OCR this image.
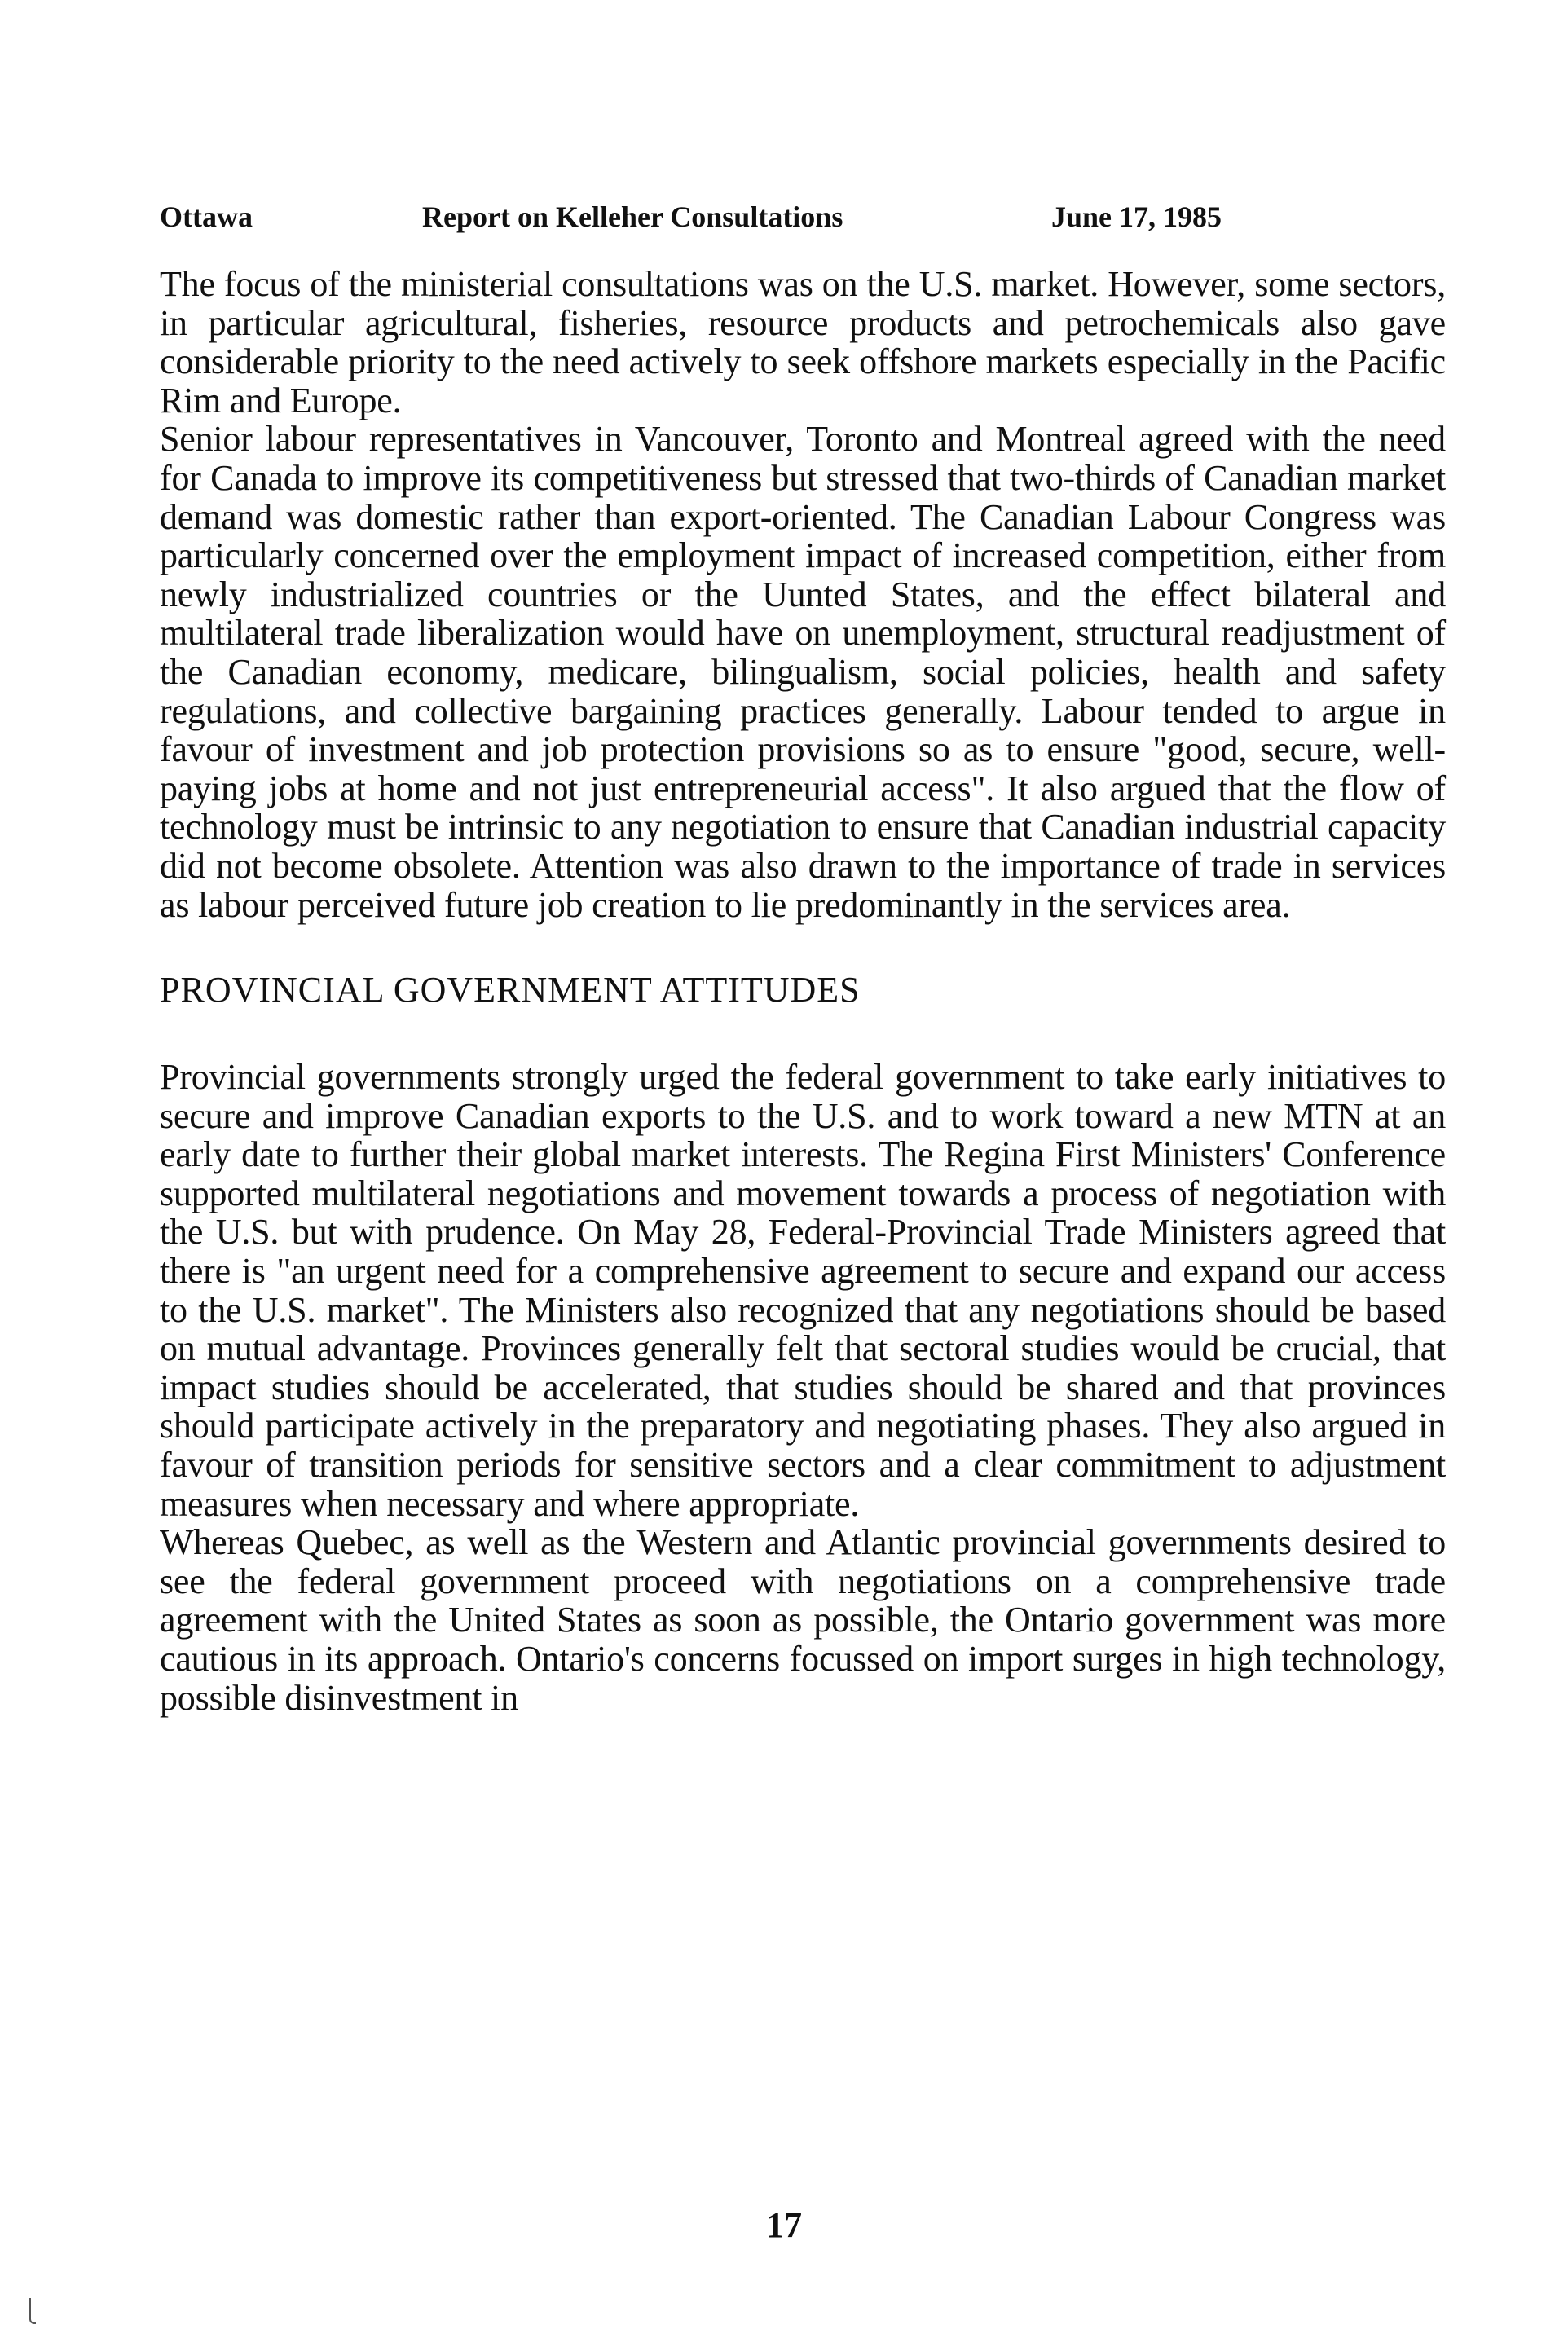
Ottawa	Report on Kelleher Consultations	June 17, 1985

The focus of the ministerial consultations was on the U.S. market. However, some sectors, in particular agricultural, fisheries, resource products and petrochemicals also gave considerable priority to the need actively to seek offshore markets especially in the Pacific Rim and Europe.

Senior labour representatives in Vancouver, Toronto and Montreal agreed with the need for Canada to improve its competitiveness but stressed that two-thirds of Canadian market demand was domestic rather than export-oriented. The Canadian Labour Congress was particularly concerned over the employment impact of increased competition, either from newly industrialized countries or the Uunted States, and the effect bilateral and multilateral trade liberalization would have on unemployment, structural readjustment of the Canadian economy, medicare, bilingualism, social policies, health and safety regulations, and collective bargaining practices generally. Labour tended to argue in favour of investment and job protection provisions so as to ensure "good, secure, well-paying jobs at home and not just entrepreneurial access". It also argued that the flow of technology must be intrinsic to any negotiation to ensure that Canadian industrial capacity did not become obsolete. Attention was also drawn to the importance of trade in services as labour perceived future job creation to lie predominantly in the services area.

PROVINCIAL GOVERNMENT ATTITUDES

Provincial governments strongly urged the federal government to take early initiatives to secure and improve Canadian exports to the U.S. and to work toward a new MTN at an early date to further their global market interests. The Regina First Ministers' Conference supported multilateral negotiations and movement towards a process of negotiation with the U.S. but with prudence. On May 28, Federal-Provincial Trade Ministers agreed that there is "an urgent need for a comprehensive agreement to secure and expand our access to the U.S. market". The Ministers also recognized that any negotiations should be based on mutual advantage. Provinces generally felt that sectoral studies would be crucial, that impact studies should be accelerated, that studies should be shared and that provinces should participate actively in the preparatory and negotiating phases. They also argued in favour of transition periods for sensitive sectors and a clear commitment to adjustment measures when necessary and where appropriate.

Whereas Quebec, as well as the Western and Atlantic provincial governments desired to see the federal government proceed with negotiations on a comprehensive trade agreement with the United States as soon as possible, the Ontario government was more cautious in its approach. Ontario's concerns focussed on import surges in high technology, possible disinvestment in

17
